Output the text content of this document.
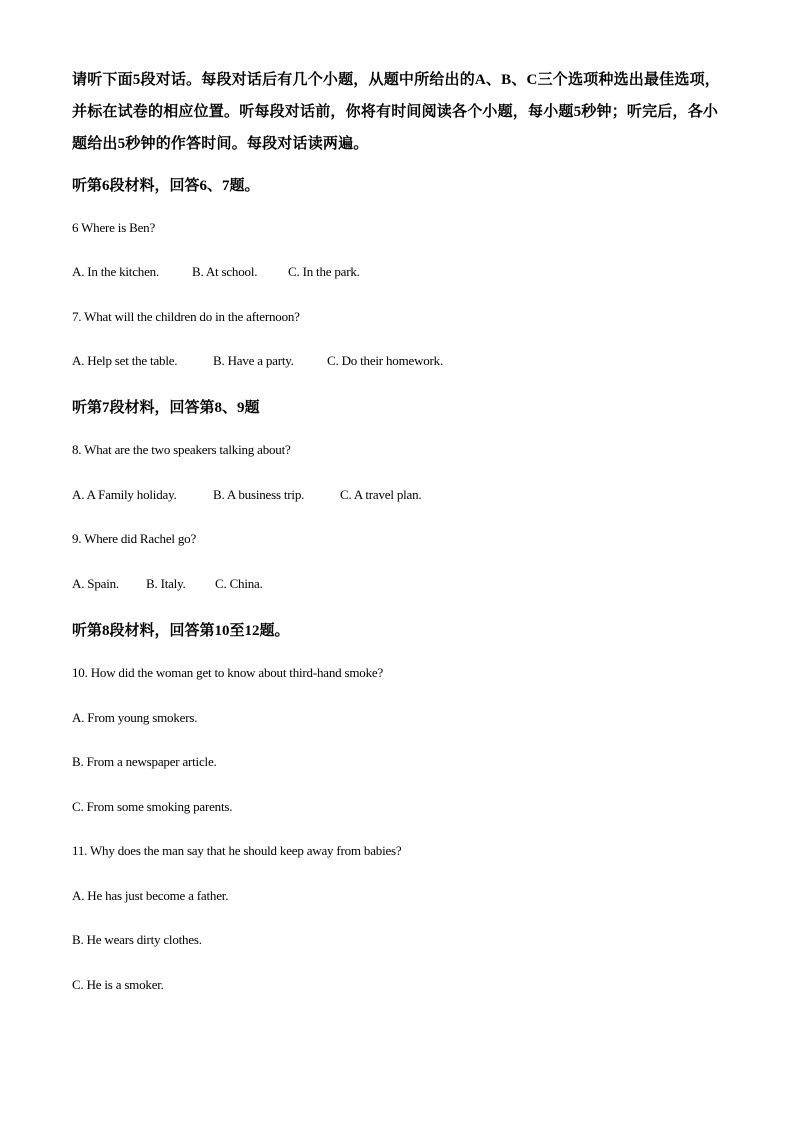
请听下面5段对话。每段对话后有几个小题，从题中所给出的A、B、C三个选项种选出最佳选项，并标在试卷的相应位置。听每段对话前，你将有时间阅读各个小题，每小题5秒钟；听完后，各小题给出5秒钟的作答时间。每段对话读两遍。
听第6段材料，回答6、7题。
6 Where is Ben?
A. In the kitchen.	B. At school. C. In the park.
7. What will the children do in the afternoon?
A. Help set the table.	B. Have a party.	C. Do their homework.
听第7段材料，回答第8、9题
8. What are the two speakers talking about?
A. A Family holiday.	B. A business trip.	C. A travel plan.
9. Where did Rachel go?
A. Spain. B. Italy. C. China.
听第8段材料，回答第10至12题。
10. How did the woman get to know about third-hand smoke?
A. From young smokers.
B. From a newspaper article.
C. From some smoking parents.
11. Why does the man say that he should keep away from babies?
A. He has just become a father.
B. He wears dirty clothes.
C. He is a smoker.
